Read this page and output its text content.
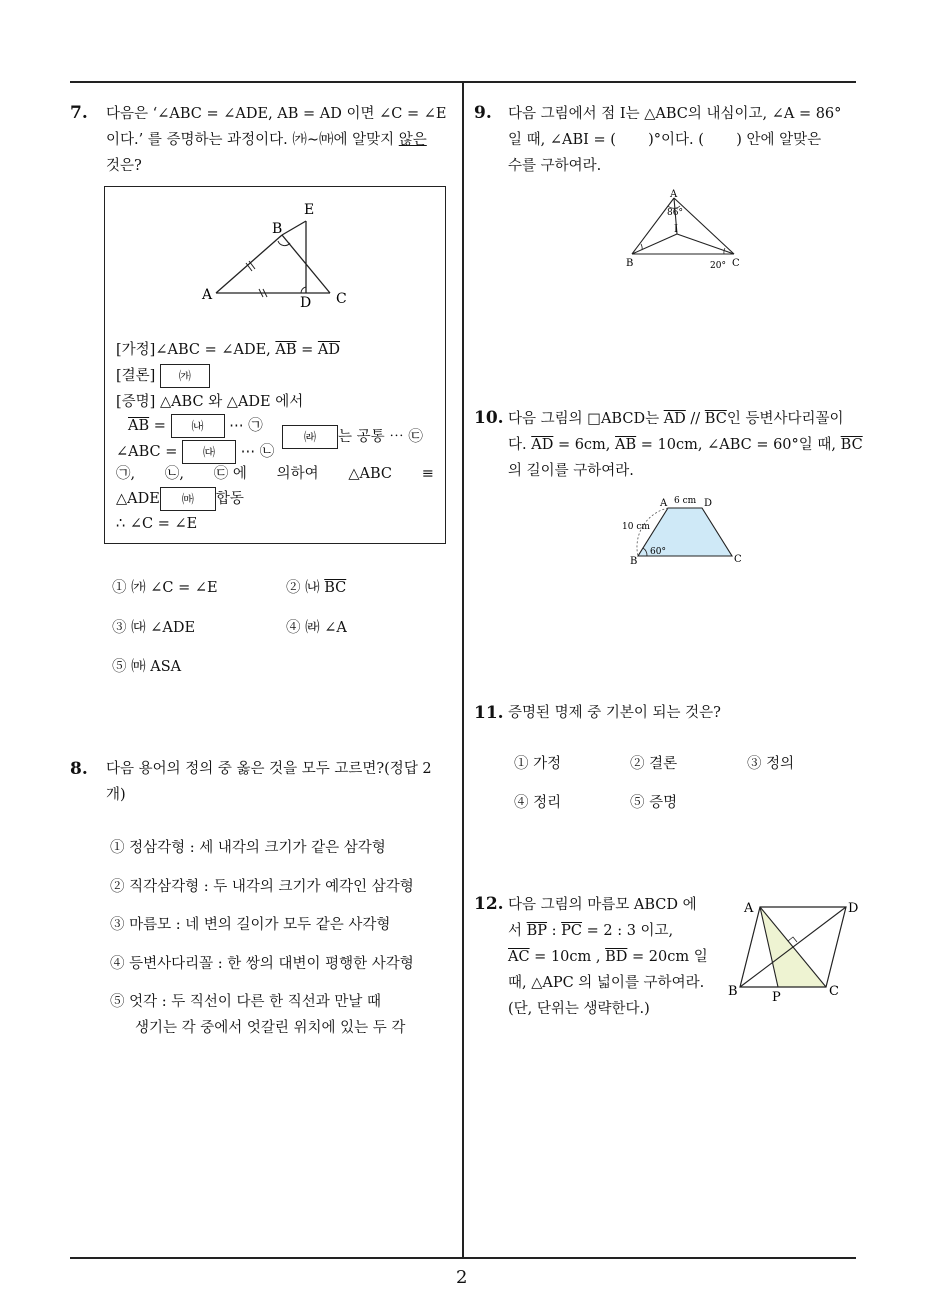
2
7. 다음은 ‘∠ABC = ∠ADE, AB = AD 이면 ∠C = ∠E
이다.’ 를 증명하는 과정이다. ㈎∼㈒에 알맞지 않은
것은?
E
B
A	D C
[가정]∠ABC = ∠ADE, $\overline{AB} = \overline{AD}$
[결론] ㈎
[증명] △ABC 와 △ADE 에서
$\overline{AB}$ = ㈏ ⋯ ㉠
㈑ 는 공통 ⋯ ㉢
∠ABC = ㈐ ⋯ ㉡
㉠, ㉡, ㉢ 에 의하여 △ABC ≡
△ADE ㈒ 합동
∴ ∠C = ∠E
① ㈎ ∠C = ∠E	② ㈏ $\overline{BC}$
③ ㈐ ∠ADE	④ ㈑ ∠A
⑤ ㈒ ASA
8. 다음 용어의 정의 중 옳은 것을 모두 고르면?(정답 2
개)
① 정삼각형 : 세 내각의 크기가 같은 삼각형
② 직각삼각형 : 두 내각의 크기가 예각인 삼각형
③ 마름모 : 네 변의 길이가 모두 같은 사각형
④ 등변사다리꼴 : 한 쌍의 대변이 평행한 사각형
⑤ 엇각 : 두 직선이 다른 한 직선과 만날 때
생기는 각 중에서 엇갈린 위치에 있는 두 각
9. 다음 그림에서 점 I는 △ABC의 내심이고, ∠A = 86°
일 때, ∠ABI = (       )°이다. (       ) 안에 알맞은
수를 구하여라.
A
86°
I
B	20° C
10. 다음 그림의 □ABCD는 $\overline{AD} // \overline{BC}$인 등변사다리꼴이
다. $\overline{AD} = 6cm$, $\overline{AB} = 10cm$, ∠ABC = 60°일 때, $\overline{BC}$
의 길이를 구하여라.
A 6 cm D
10 cm
60°
B	C
11. 증명된 명제 중 기본이 되는 것은?
① 가정	② 결론	③ 정의
④ 정리	⑤ 증명
12. 다음 그림의 마름모 ABCD 에
서 $\overline{BP}$ : $\overline{PC} = 2$ : 3 이고,
$\overline{AC} = 10cm$ , $\overline{BD} = 20cm$ 일
때, △APC 의 넓이를 구하여라.
(단, 단위는 생략한다.)
A	D
B	P	C
